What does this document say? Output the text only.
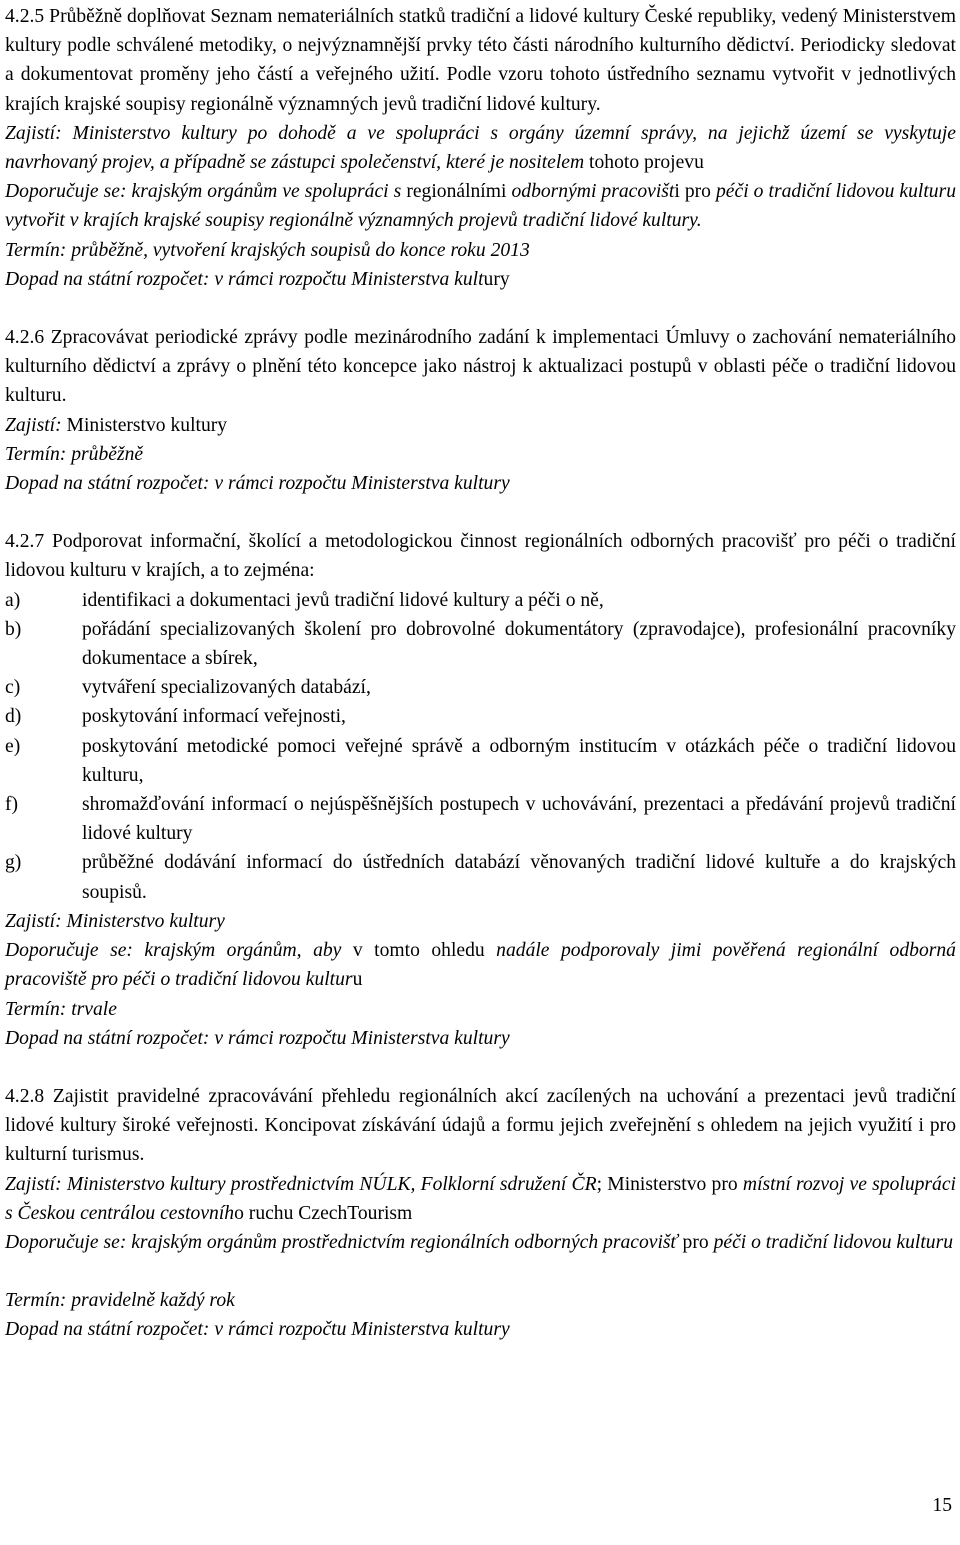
4.2.5 Průběžně doplňovat Seznam nemateriálních statků tradiční a lidové kultury České republiky, vedený Ministerstvem kultury podle schválené metodiky, o nejvýznamnější prvky této části národního kulturního dědictví. Periodicky sledovat a dokumentovat proměny jeho částí a veřejného užití. Podle vzoru tohoto ústředního seznamu vytvořit v jednotlivých krajích krajské soupisy regionálně významných jevů tradiční lidové kultury.

Zajistí: Ministerstvo kultury po dohodě a ve spolupráci s orgány územní správy, na jejichž území se vyskytuje navrhovaný projev, a případně se zástupci společenství, které je nositelem tohoto projevu

Doporučuje se: krajským orgánům ve spolupráci s regionálními odbornými pracovišti pro péči o tradiční lidovou kulturu vytvořit v krajích krajské soupisy regionálně významných projevů tradiční lidové kultury.

Termín: průběžně, vytvoření krajských soupisů do konce roku 2013

Dopad na státní rozpočet: v rámci rozpočtu Ministerstva kultury

4.2.6 Zpracovávat periodické zprávy podle mezinárodního zadání k implementaci Úmluvy o zachování nemateriálního kulturního dědictví a zprávy o plnění této koncepce jako nástroj k aktualizaci postupů v oblasti péče o tradiční lidovou kulturu.

Zajistí: Ministerstvo kultury

Termín: průběžně

Dopad na státní rozpočet: v rámci rozpočtu Ministerstva kultury

4.2.7 Podporovat informační, školící a metodologickou činnost regionálních odborných pracovišť pro péči o tradiční lidovou kulturu v krajích, a to zejména:

a)	identifikaci a dokumentaci jevů tradiční lidové kultury a péči o ně,
b)	pořádání specializovaných školení pro dobrovolné dokumentátory (zpravodajce), profesionální pracovníky dokumentace a sbírek,
c)	vytváření specializovaných databází,
d)	poskytování informací veřejnosti,
e)	poskytování metodické pomoci veřejné správě a odborným institucím v otázkách péče o tradiční lidovou kulturu,
f)	shromažďování informací o nejúspěšnějších postupech v uchovávání, prezentaci a předávání projevů tradiční lidové kultury
g)	průběžné dodávání informací do ústředních databází věnovaných tradiční lidové kultuře a do krajských soupisů.

Zajistí: Ministerstvo kultury

Doporučuje se: krajským orgánům, aby v tomto ohledu nadále podporovaly jimi pověřená regionální odborná pracoviště pro péči o tradiční lidovou kulturu

Termín: trvale

Dopad na státní rozpočet: v rámci rozpočtu Ministerstva kultury

4.2.8 Zajistit pravidelné zpracovávání přehledu regionálních akcí zacílených na uchování a prezentaci jevů tradiční lidové kultury široké veřejnosti. Koncipovat získávání údajů a formu jejich zveřejnění s ohledem na jejich využití i pro kulturní turismus.

Zajistí: Ministerstvo kultury prostřednictvím NÚLK, Folklorní sdružení ČR; Ministerstvo pro místní rozvoj ve spolupráci s Českou centrálou cestovního ruchu CzechTourism

Doporučuje se: krajským orgánům prostřednictvím regionálních odborných pracovišť pro péči o tradiční lidovou kulturu

Termín: pravidelně každý rok

Dopad na státní rozpočet: v rámci rozpočtu Ministerstva kultury

15
